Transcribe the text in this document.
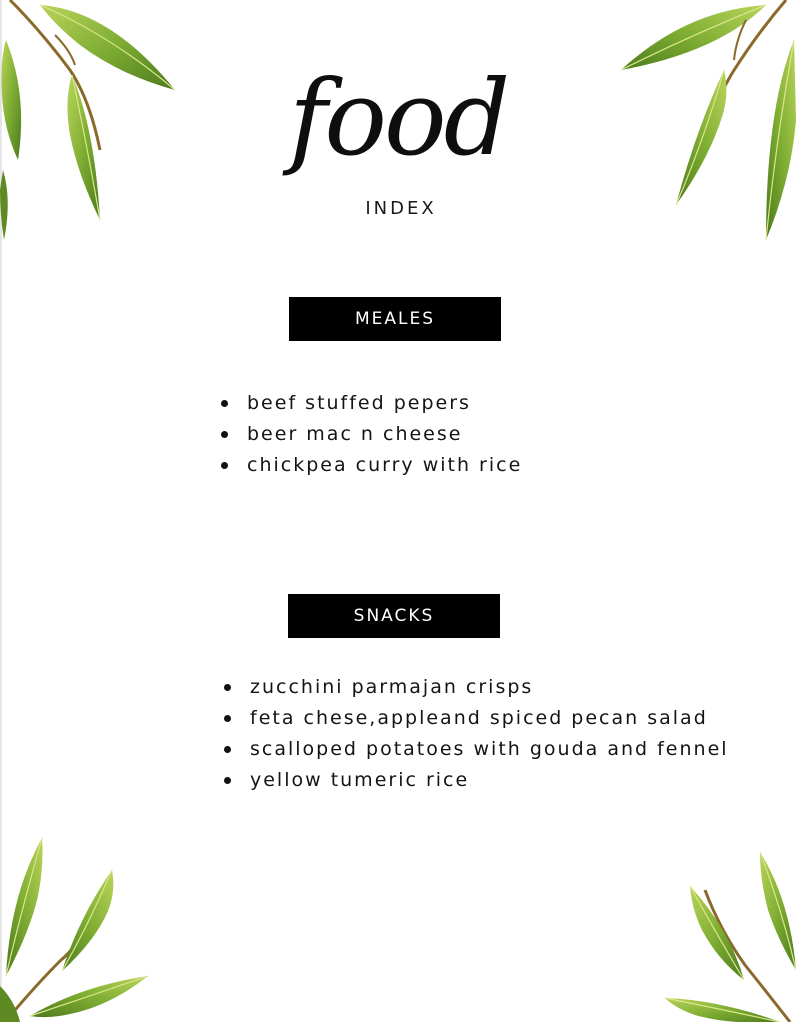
food
INDEX
MEALES
beef stuffed pepers
beer mac n cheese
chickpea curry with rice
SNACKS
zucchini parmajan crisps
feta chese,appleand spiced pecan salad
scalloped potatoes with gouda and fennel
yellow tumeric rice
